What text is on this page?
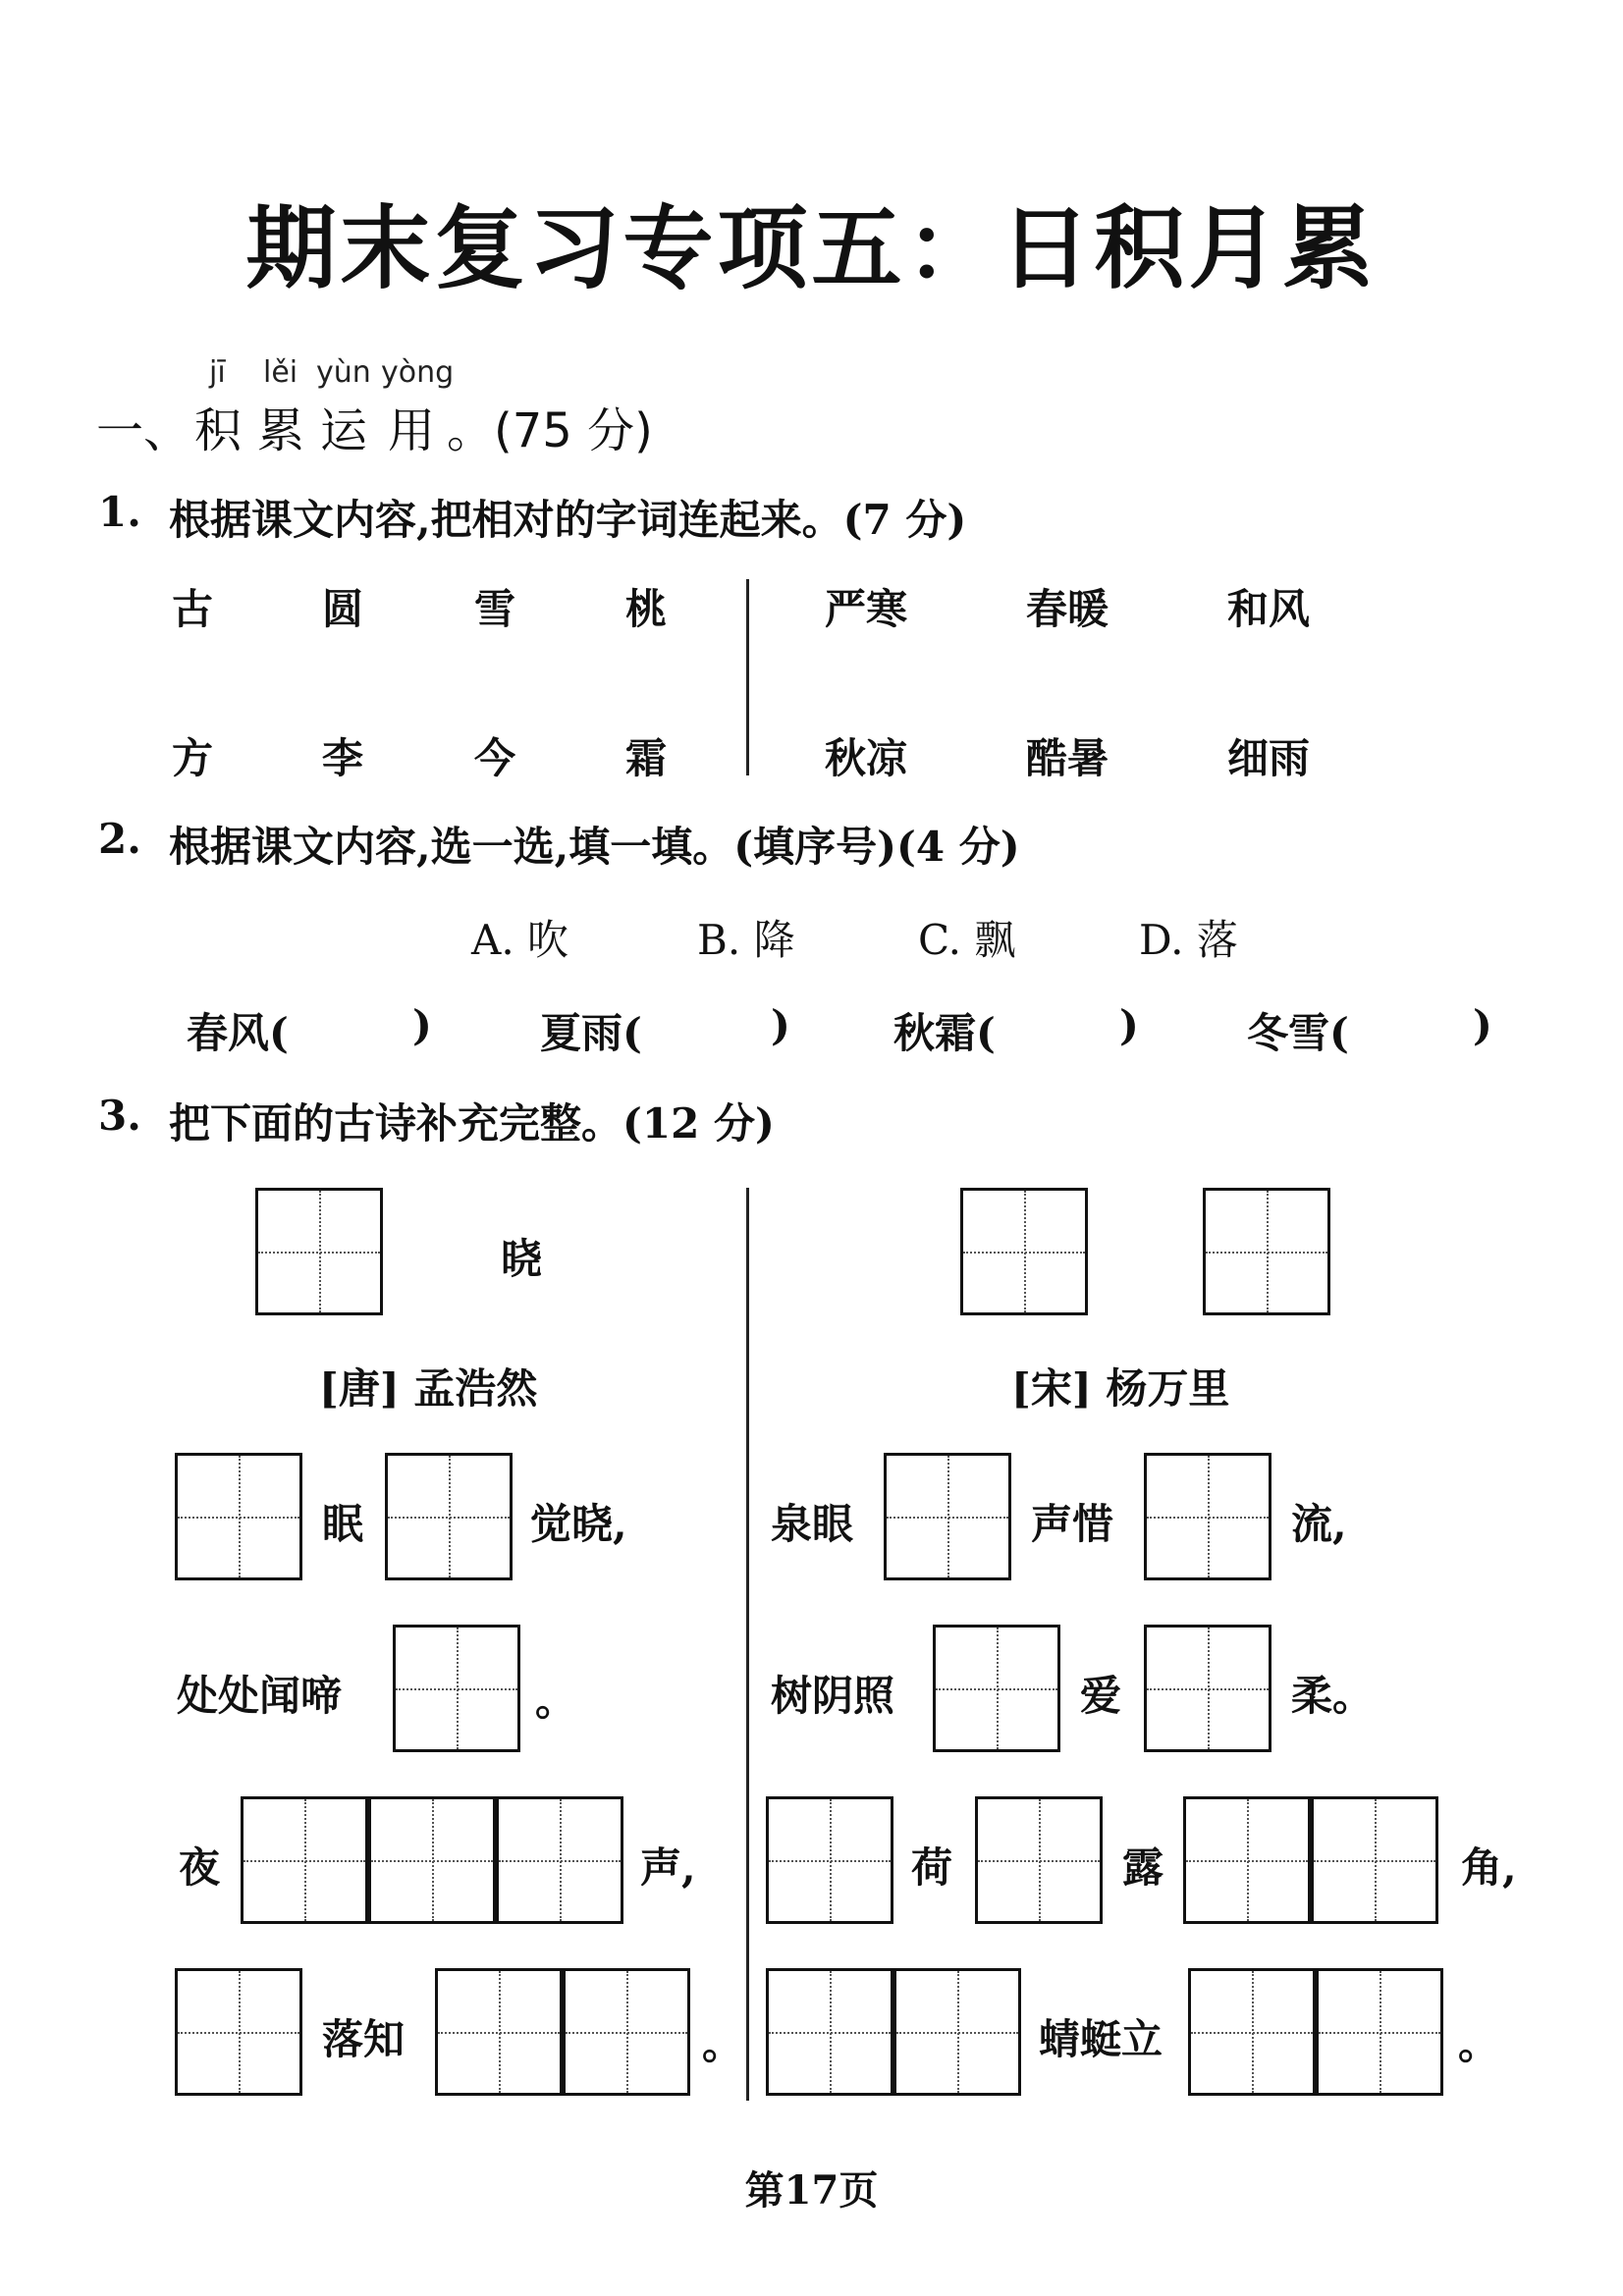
期末复习专项五：日积月累
一、
jī
积
lěi
累
yùn
运
yòng
用 。(75 分)
1. 根据课文内容,把相对的字词连起来。(7 分)
古	圆	雪	桃
方	李	今	霜
严寒	春暖	和风
秋凉	酷暑	细雨
2. 根据课文内容,选一选,填一填。(填序号)(4 分)
A. 吹	B. 降	C. 飘	D. 落
春风(	)	夏雨(	)	秋霜(	)	冬雪(	)
3. 把下面的古诗补充完整。(12 分)
晓
[唐] 孟浩然
眠	觉晓,
处处闻啼	。
夜	声,
落知	。
[宋] 杨万里
泉眼	声惜	流,
树阴照	爱	柔。
荷	露	角,
蜻蜓立	。
第17页
